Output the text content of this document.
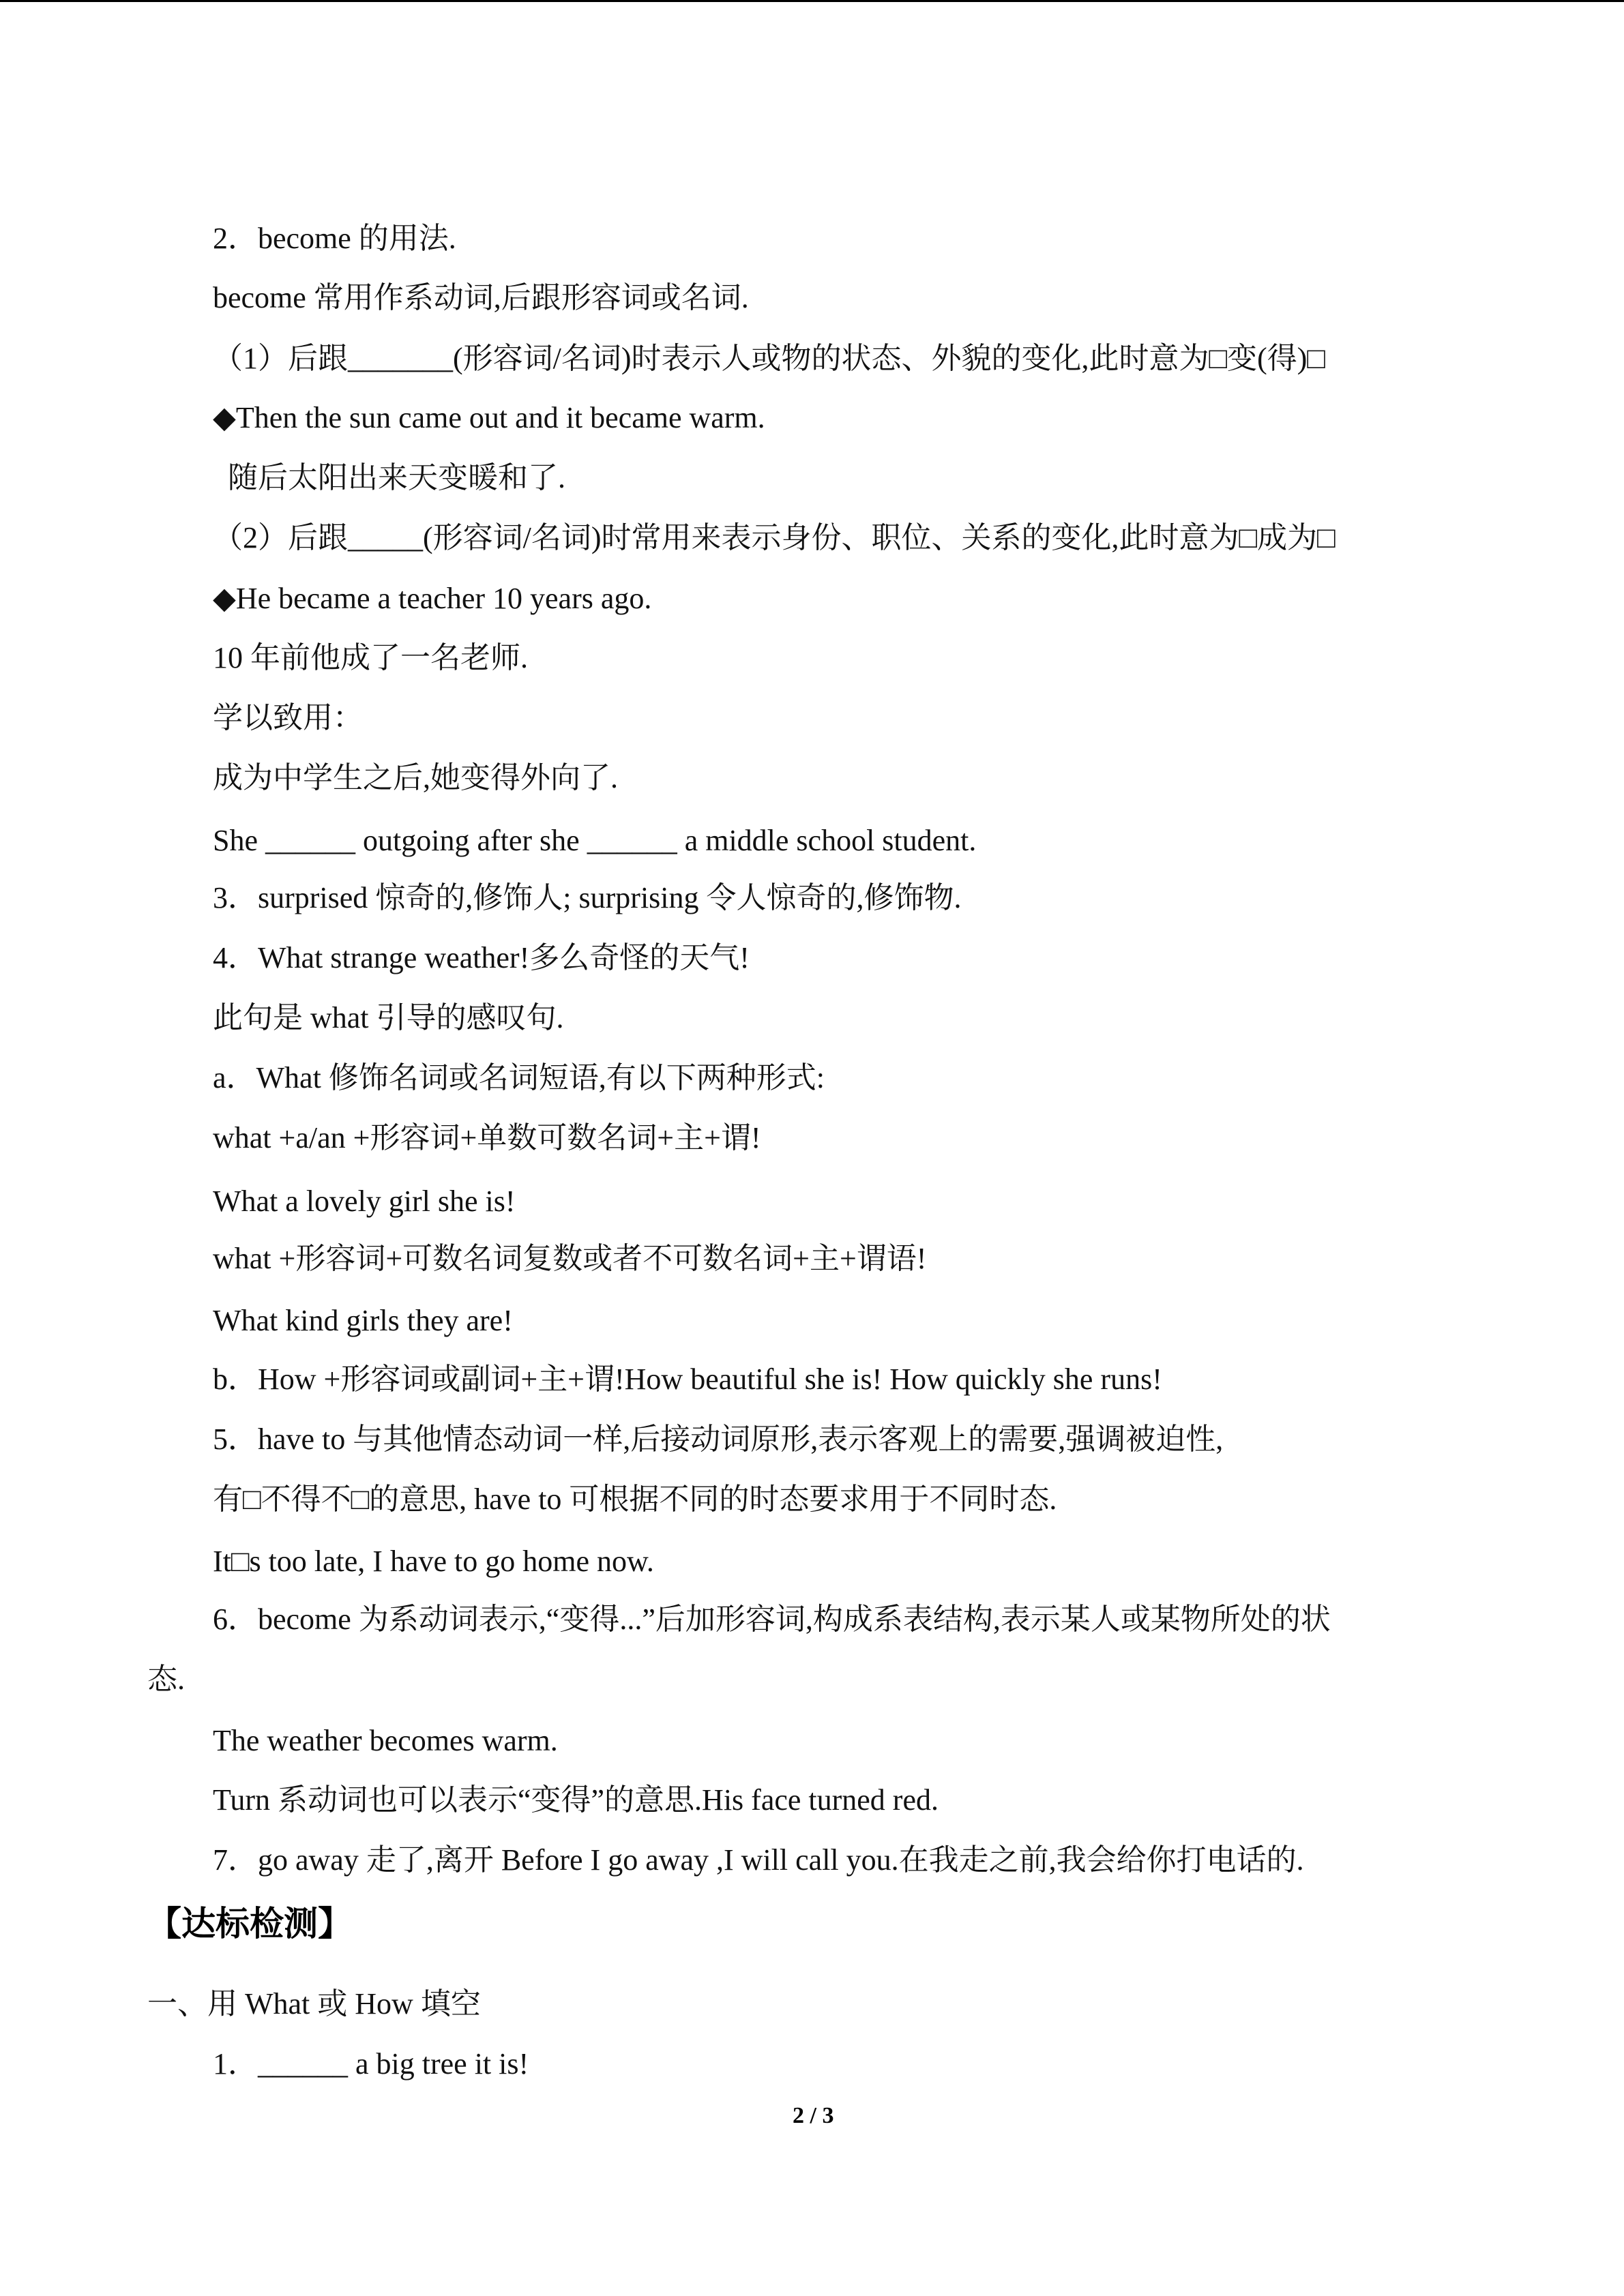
2．become 的用法.
become 常用作系动词,后跟形容词或名词.
（1）后跟_______(形容词/名词)时表示人或物的状态、外貌的变化,此时意为□变(得)□
◆Then the sun came out and it became warm.
随后太阳出来天变暖和了.
（2）后跟_____(形容词/名词)时常用来表示身份、职位、关系的变化,此时意为□成为□
◆He became a teacher 10 years ago.
10 年前他成了一名老师.
学以致用：
成为中学生之后,她变得外向了.
She ______ outgoing after she ______ a middle school student.
3．surprised 惊奇的,修饰人; surprising 令人惊奇的,修饰物.
4．What strange weather!多么奇怪的天气!
此句是 what 引导的感叹句.
a．What 修饰名词或名词短语,有以下两种形式:
what +a/an +形容词+单数可数名词+主+谓!
What a lovely girl she is!
what +形容词+可数名词复数或者不可数名词+主+谓语!
What kind girls they are!
b．How +形容词或副词+主+谓!How beautiful she is! How quickly she runs!
5．have to 与其他情态动词一样,后接动词原形,表示客观上的需要,强调被迫性,
有□不得不□的意思, have to 可根据不同的时态要求用于不同时态.
It□s too late, I have to go home now.
6．become 为系动词表示,“变得...”后加形容词,构成系表结构,表示某人或某物所处的状
态.
The weather becomes warm.
Turn 系动词也可以表示“变得”的意思.His face turned red.
7．go away 走了,离开 Before I go away ,I will call you.在我走之前,我会给你打电话的.
【达标检测】
一、用 What 或 How 填空
1．______ a big tree it is!
2 / 3
